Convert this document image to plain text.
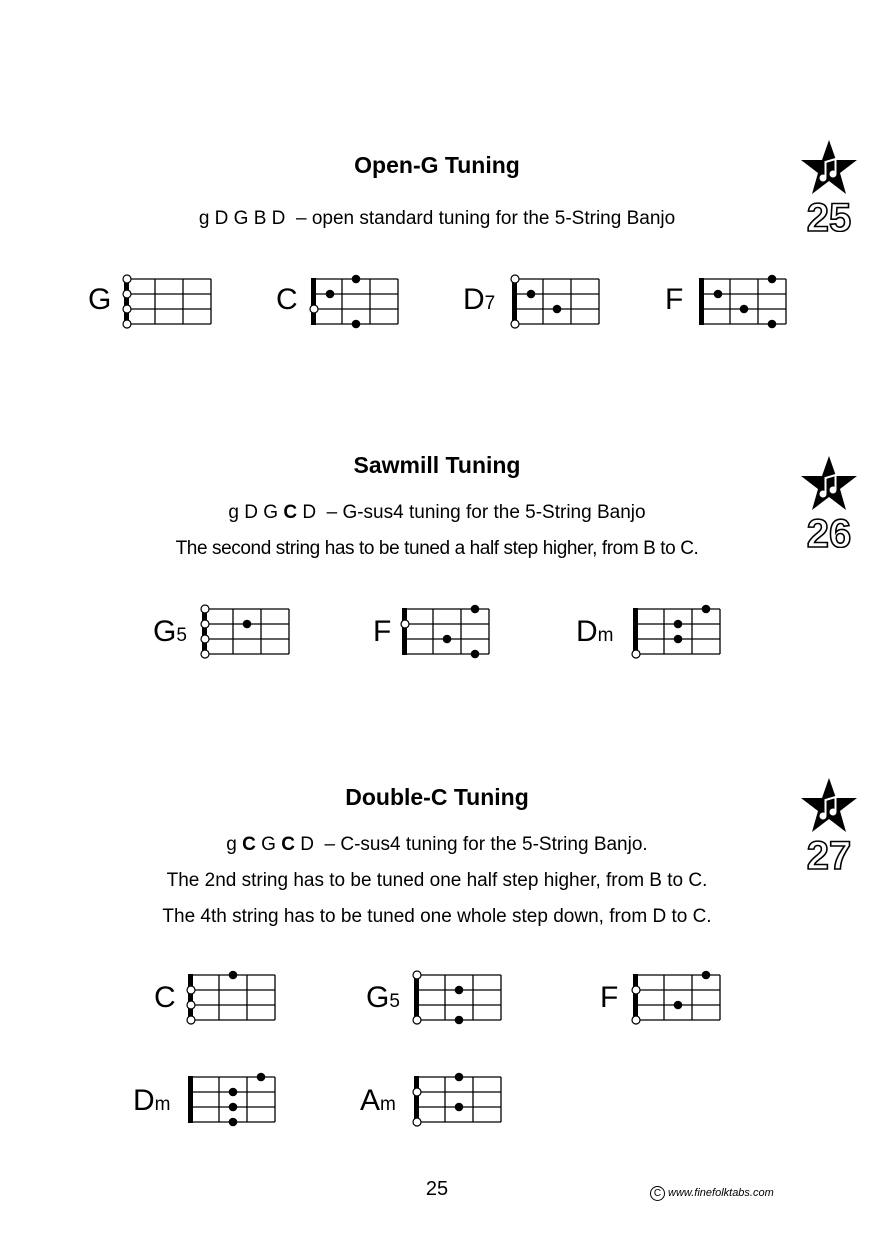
Open-G Tuning
g D G B D – open standard tuning for the 5-String Banjo
G	C	D7	F
Sawmill Tuning
g D G C D – G-sus4 tuning for the 5-String Banjo
The second string has to be tuned a half step higher, from B to C.
G5	F	Dm
Double-C Tuning
g C G C D – C-sus4 tuning for the 5-String Banjo.
The 2nd string has to be tuned one half step higher, from B to C.
The 4th string has to be tuned one whole step down, from D to C.
C	G5	F
Dm	Am
25
26
27
25	C www.finefolktabs.com
